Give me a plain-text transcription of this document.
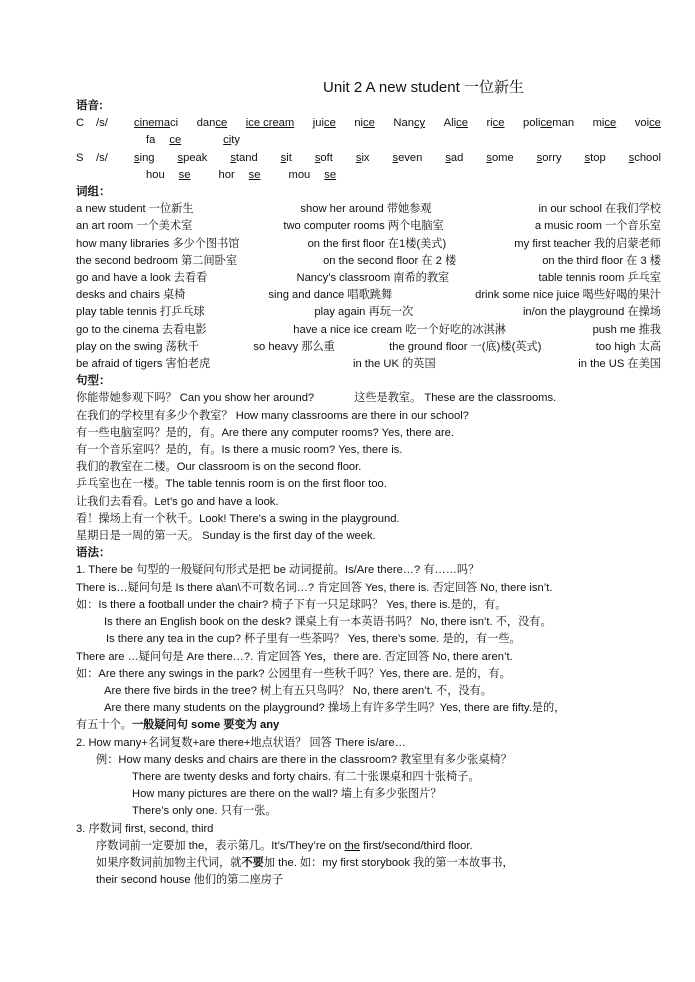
Unit 2 A new student 一位新生
语音:
C	/s/	cinemaci dance ice cream juice nice Nancy Alice rice policeman mice voice
fa ce	city
S	/s/	sing speak stand sit soft six seven sad some sorry stop school
hou se	hor se	mou se
词组：
a new student 一位新生	show her around 带她参观	in our school 在我们学校
an art room 一个美术室	two computer rooms 两个电脑室	a music room 一个音乐室
how many libraries 多少个图书馆	on the first floor 在1楼(美式)	my first teacher 我的启蒙老师
the second bedroom 第二间卧室	on the second floor 在 2 楼	on the third floor 在 3 楼
go and have a look 去看看	Nancy’s classroom 南希的教室	table tennis room 乒乓室
desks and chairs 桌椅	sing and dance 唱歌跳舞	drink some nice juice 喝些好喝的果汁
play table tennis 打乒乓球	play again 再玩一次	in/on the playground 在操场
go to the cinema 去看电影	have a nice ice cream 吃一个好吃的冰淇淋	push me 推我
play on the swing 荡秋千	so heavy 那么重	the ground floor 一(底)楼(英式)	too high 太高
be afraid of tigers 害怕老虎	in the UK 的英国	in the US 在美国
句型：
你能带她参观下吗？ Can you show her around?	这些是教室。 These are the classrooms.
在我们的学校里有多少个教室？ How many classrooms are there in our school?
有一些电脑室吗？是的，有。Are there any computer rooms? Yes, there are.
有一个音乐室吗？是的，有。Is there a music room? Yes, there is.
我们的教室在二楼。Our classroom is on the second floor.
乒乓室也在一楼。The table tennis room is on the first floor too.
让我们去看看。Let’s go and have a look.
看！操场上有一个秋千。Look! There’s a swing in the playground.
星期日是一周的第一天。 Sunday is the first day of the week.
语法：
1. There be 句型的一般疑问句形式是把 be 动词提前。Is/Are there…? 有……吗？
There is…疑问句是 Is there a\an\不可数名词…? 肯定回答 Yes, there is. 否定回答 No, there isn’t.
如：Is there a football under the chair? 椅子下有一只足球吗？ Yes, there is.是的，有。
Is there an English book on the desk? 课桌上有一本英语书吗？ No, there isn’t. 不，没有。
Is there any tea in the cup? 杯子里有一些茶吗？ Yes, there’s some. 是的，有一些。
There are …疑问句是 Are there…?. 肯定回答 Yes，there are. 否定回答 No, there aren’t.
如：Are there any swings in the park? 公园里有一些秋千吗？Yes, there are. 是的，有。
Are there five birds in the tree? 树上有五只鸟吗？ No, there aren’t. 不，没有。
Are there many students on the playground? 操场上有许多学生吗？Yes, there are fifty.是的，
有五十个。一般疑问句 some 要变为 any
2. How many+名词复数+are there+地点状语？ 回答 There is/are…
例：How many desks and chairs are there in the classroom? 教室里有多少张桌椅？
There are twenty desks and forty chairs. 有二十张课桌和四十张椅子。
How many pictures are there on the wall? 墙上有多少张图片？
There’s only one. 只有一张。
3. 序数词 first, second, third
序数词前一定要加 the，表示第几。It’s/They’re on the first/second/third floor.
如果序数词前加物主代词，就不要加 the. 如：my first storybook 我的第一本故事书，
their second house 他们的第二座房子
